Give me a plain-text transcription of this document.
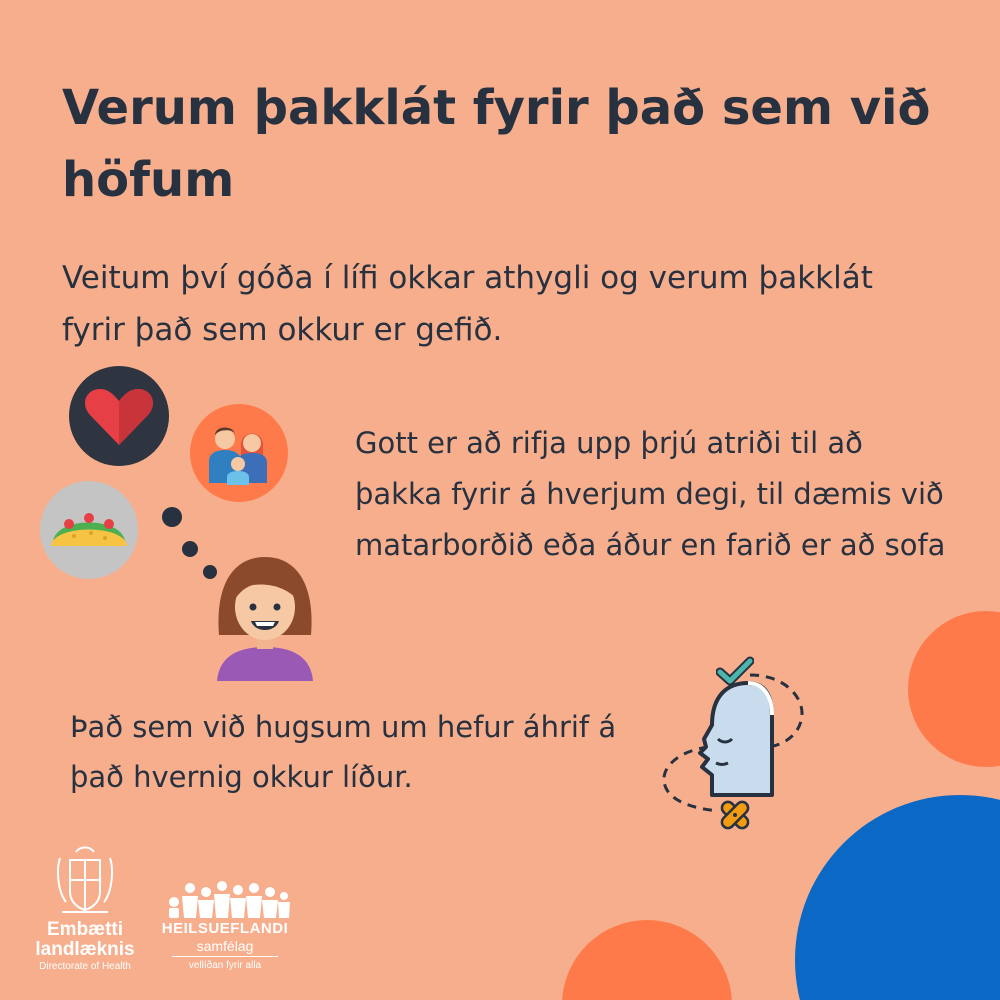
Verum þakklát fyrir það sem við höfum
Veitum því góða í lífi okkar athygli og verum þakklát fyrir það sem okkur er gefið.
Gott er að rifja upp þrjú atriði til að þakka fyrir á hverjum degi, til dæmis við matarborðið eða áður en farið er að sofa
Það sem við hugsum um hefur áhrif á það hvernig okkur líður.
Embætti
landlæknis
Directorate of Health
HEILSUEFLANDI
samfélag
vellíðan fyrir alla
